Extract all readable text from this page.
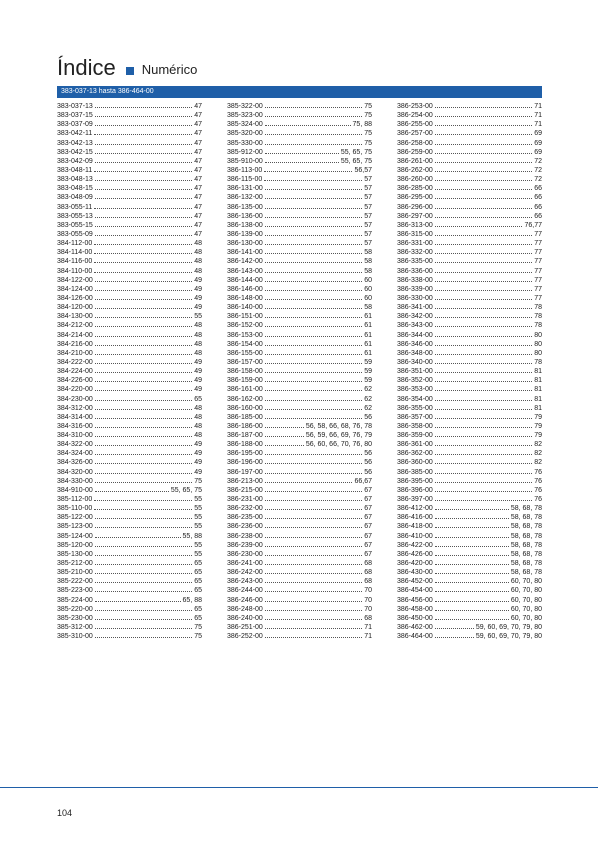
Índice Numérico
383-037-13 hasta 386-464-00
383-037-13	47
383-037-15	47
383-037-09	47
383-042-11	47
383-042-13	47
383-042-15	47
383-042-09	47
383-048-11	47
383-048-13	47
383-048-15	47
383-048-09	47
383-055-11	47
383-055-13	47
383-055-15	47
383-055-09	47
384-112-00	48
384-114-00	48
384-116-00	48
384-110-00	48
384-122-00	49
384-124-00	49
384-126-00	49
384-120-00	49
384-130-00	55
384-212-00	48
384-214-00	48
384-216-00	48
384-210-00	48
384-222-00	49
384-224-00	49
384-226-00	49
384-220-00	49
384-230-00	65
384-312-00	48
384-314-00	48
384-316-00	48
384-310-00	48
384-322-00	49
384-324-00	49
384-326-00	49
384-320-00	49
384-330-00	75
384-910-00	55, 65, 75
385-112-00	55
385-110-00	55
385-122-00	55
385-123-00	55
385-124-00	55, 88
385-120-00	55
385-130-00	55
385-212-00	65
385-210-00	65
385-222-00	65
385-223-00	65
385-224-00	65, 88
385-220-00	65
385-230-00	65
385-312-00	75
385-310-00	75
385-322-00	75
385-323-00	75
385-324-00	75, 88
385-320-00	75
385-330-00	75
385-912-00	55, 65, 75
385-910-00	55, 65, 75
386-113-00	56,57
386-115-00	57
386-131-00	57
386-132-00	57
386-135-00	57
386-136-00	57
386-138-00	57
386-139-00	57
386-130-00	57
386-141-00	58
386-142-00	58
386-143-00	58
386-144-00	60
386-146-00	60
386-148-00	60
386-140-00	58
386-151-00	61
386-152-00	61
386-153-00	61
386-154-00	61
386-155-00	61
386-157-00	59
386-158-00	59
386-159-00	59
386-161-00	62
386-162-00	62
386-160-00	62
386-185-00	56
386-186-00	56, 58, 66, 68, 76, 78
386-187-00	56, 59, 66, 69, 76, 79
386-188-00	56, 60, 66, 70, 76, 80
386-195-00	56
386-196-00	56
386-197-00	56
386-213-00	66,67
386-215-00	67
386-231-00	67
386-232-00	67
386-235-00	67
386-236-00	67
386-238-00	67
386-239-00	67
386-230-00	67
386-241-00	68
386-242-00	68
386-243-00	68
386-244-00	70
386-246-00	70
386-248-00	70
386-240-00	68
386-251-00	71
386-252-00	71
386-253-00	71
386-254-00	71
386-255-00	71
386-257-00	69
386-258-00	69
386-259-00	69
386-261-00	72
386-262-00	72
386-260-00	72
386-285-00	66
386-295-00	66
386-296-00	66
386-297-00	66
386-313-00	76,77
386-315-00	77
386-331-00	77
386-332-00	77
386-335-00	77
386-336-00	77
386-338-00	77
386-339-00	77
386-330-00	77
386-341-00	78
386-342-00	78
386-343-00	78
386-344-00	80
386-346-00	80
386-348-00	80
386-340-00	78
386-351-00	81
386-352-00	81
386-353-00	81
386-354-00	81
386-355-00	81
386-357-00	79
386-358-00	79
386-359-00	79
386-361-00	82
386-362-00	82
386-360-00	82
386-385-00	76
386-395-00	76
386-396-00	76
386-397-00	76
386-412-00	58, 68, 78
386-416-00	58, 68, 78
386-418-00	58, 68, 78
386-410-00	58, 68, 78
386-422-00	58, 68, 78
386-426-00	58, 68, 78
386-420-00	58, 68, 78
386-430-00	58, 68, 78
386-452-00	60, 70, 80
386-454-00	60, 70, 80
386-456-00	60, 70, 80
386-458-00	60, 70, 80
386-450-00	60, 70, 80
386-462-00	59, 60, 69, 70, 79, 80
386-464-00	59, 60, 69, 70, 79, 80
104
